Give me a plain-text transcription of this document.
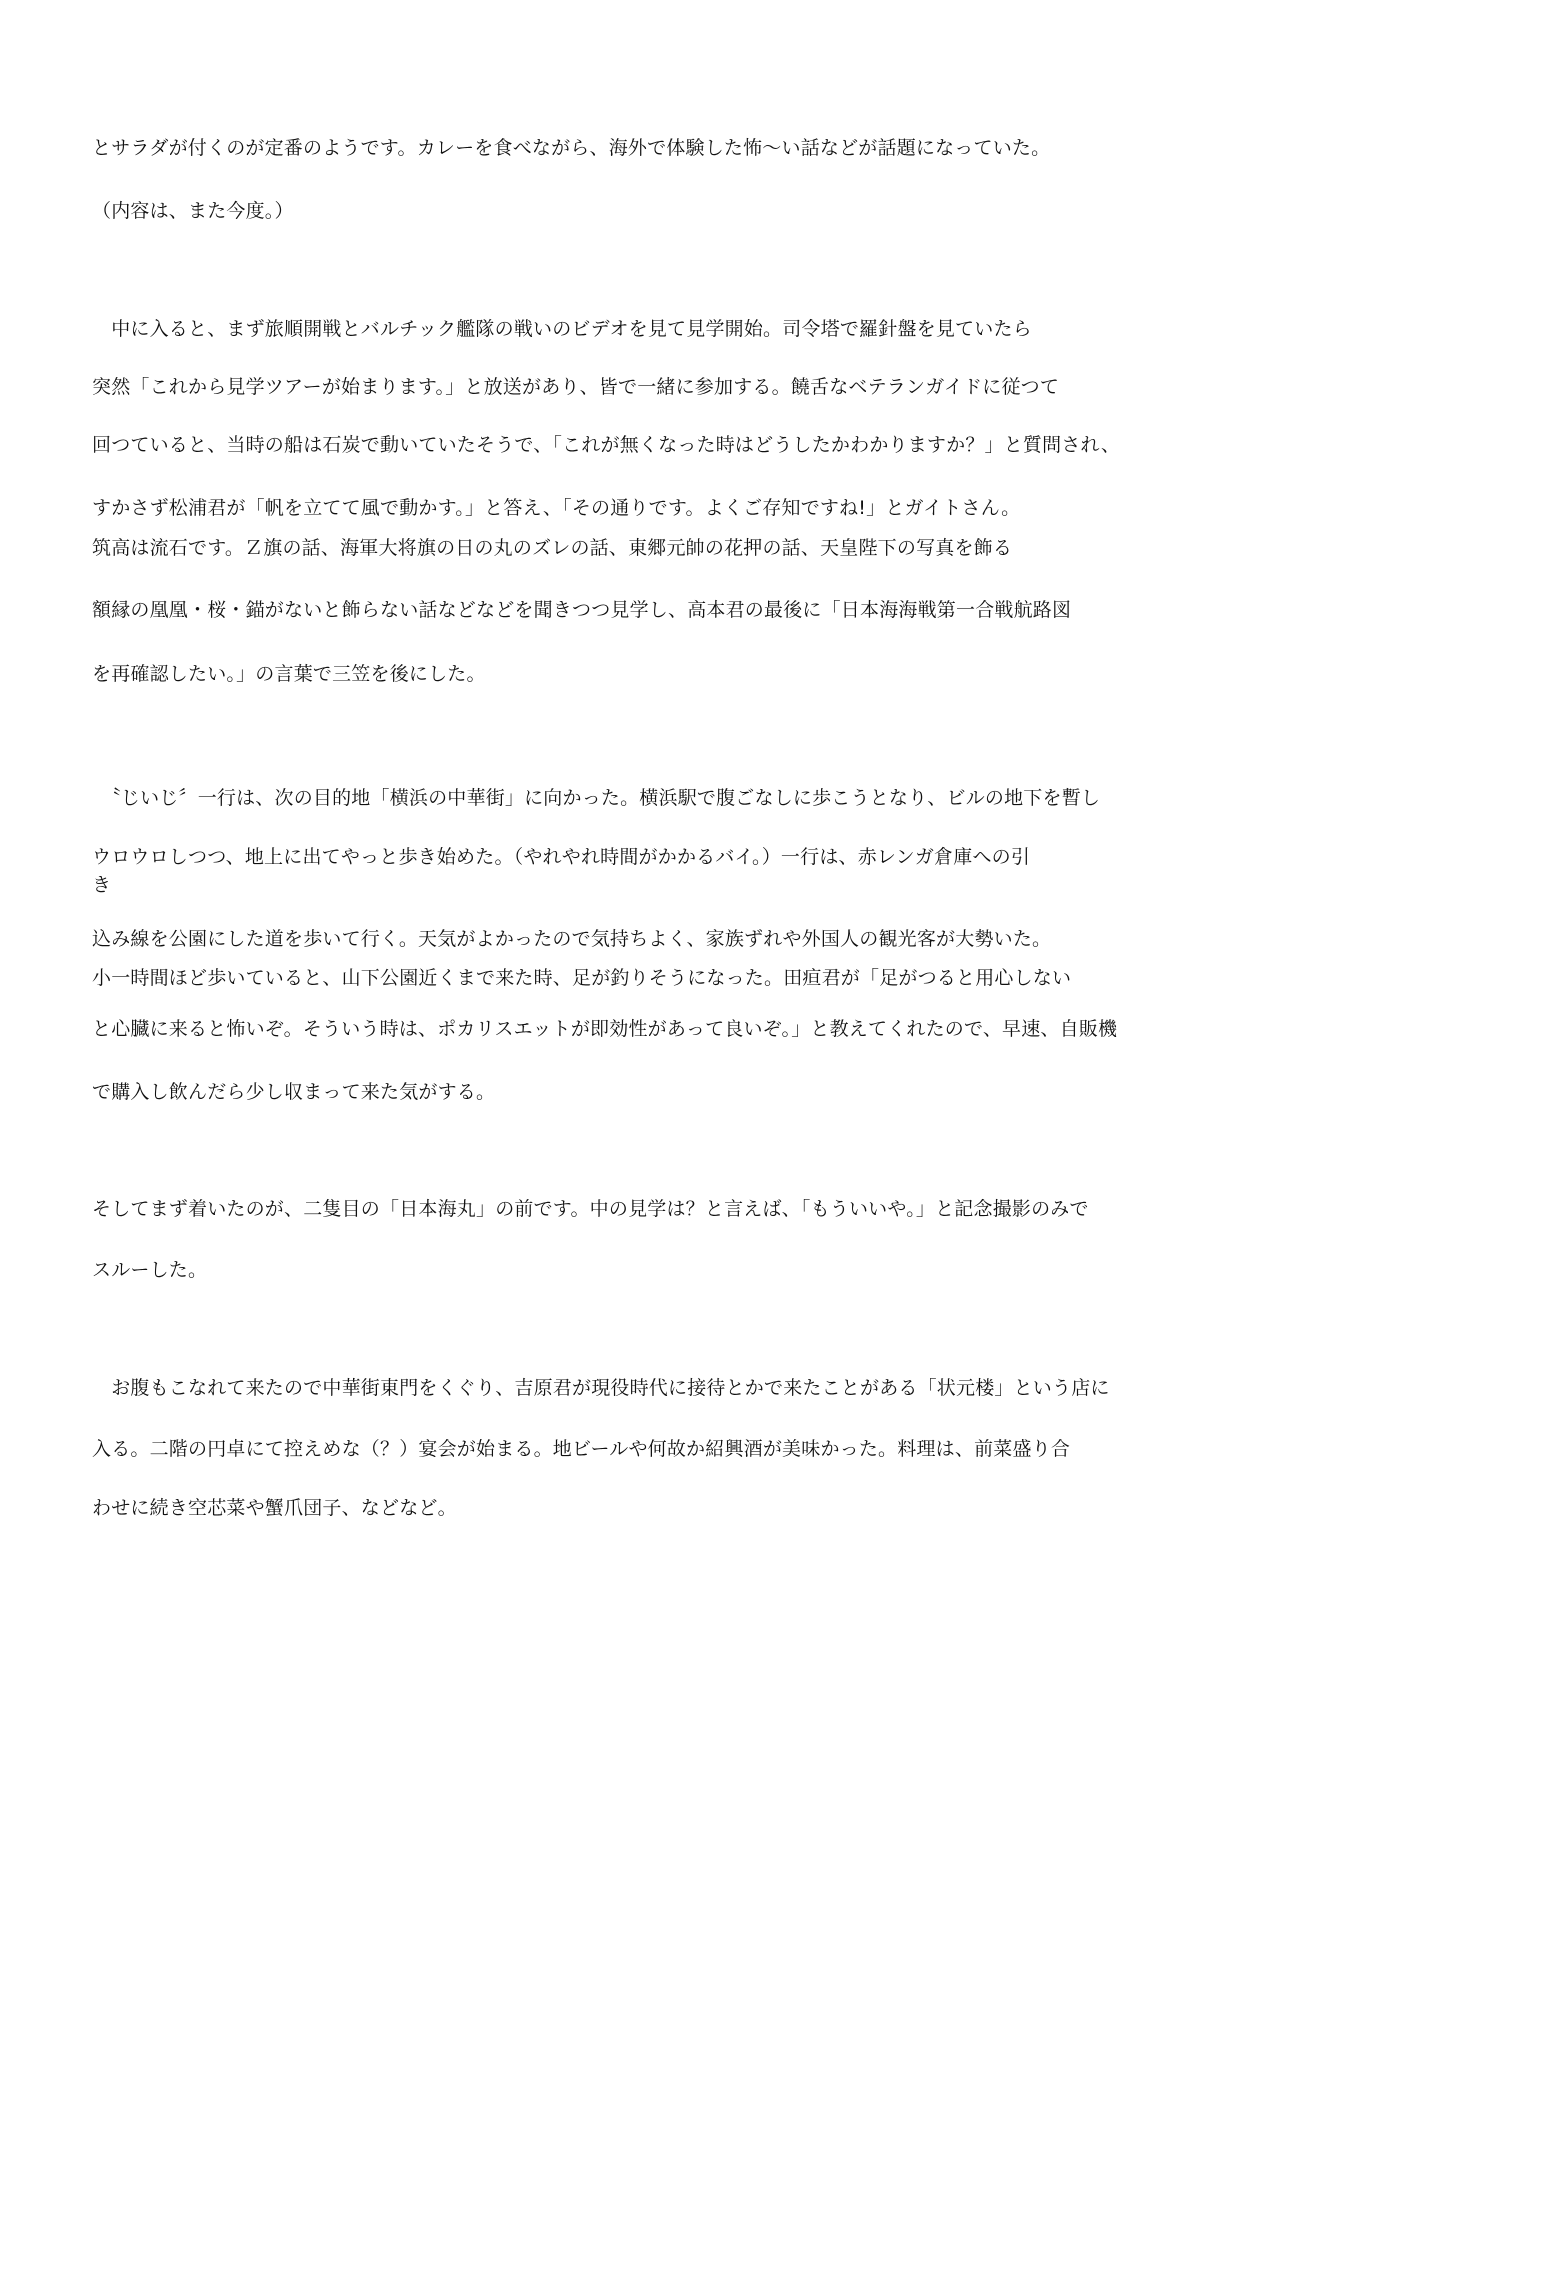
とサラダが付くのが定番のようです。カレーを食べながら、海外で体験した怖〜い話などが話題になっていた。
（内容は、また今度。）
　中に入ると、まず旅順開戦とバルチック艦隊の戦いのビデオを見て見学開始。司令塔で羅針盤を見ていたら
突然「これから見学ツアーが始まります。」と放送があり、皆で一緒に参加する。饒舌なベテランガイドに従つて
回つていると、当時の船は石炭で動いていたそうで、「これが無くなった時はどうしたかわかりますか？」と質問され、
すかさず松浦君が「帆を立てて風で動かす。」と答え、「その通りです。よくご存知ですね!」とガイトさん。
筑高は流石です。Ｚ旗の話、海軍大将旗の日の丸のズレの話、東郷元帥の花押の話、天皇陛下の写真を飾る
額縁の凰凰・桜・錨がないと飾らない話などなどを聞きつつ見学し、高本君の最後に「日本海海戦第一合戦航路図
を再確認したい。」の言葉で三笠を後にした。
　〝じいじ〞一行は、次の目的地「横浜の中華街」に向かった。横浜駅で腹ごなしに歩こうとなり、ビルの地下を暫し
ウロウロしつつ、地上に出てやっと歩き始めた。（やれやれ時間がかかるバイ。）一行は、赤レンガ倉庫への引
き
込み線を公園にした道を歩いて行く。天気がよかったので気持ちよく、家族ずれや外国人の観光客が大勢いた。
小一時間ほど歩いていると、山下公園近くまで来た時、足が釣りそうになった。田疸君が「足がつると用心しない
と心臓に来ると怖いぞ。そういう時は、ポカリスエットが即効性があって良いぞ。」と教えてくれたので、早速、自販機
で購入し飲んだら少し収まって来た気がする。
そしてまず着いたのが、二隻目の「日本海丸」の前です。中の見学は？と言えば、「もういいや。」と記念撮影のみで
スルーした。
　お腹もこなれて来たので中華街東門をくぐり、吉原君が現役時代に接待とかで来たことがある「状元楼」という店に
入る。二階の円卓にて控えめな（？）宴会が始まる。地ビールや何故か紹興酒が美味かった。料理は、前菜盛り合
わせに続き空芯菜や蟹爪団子、などなど。
